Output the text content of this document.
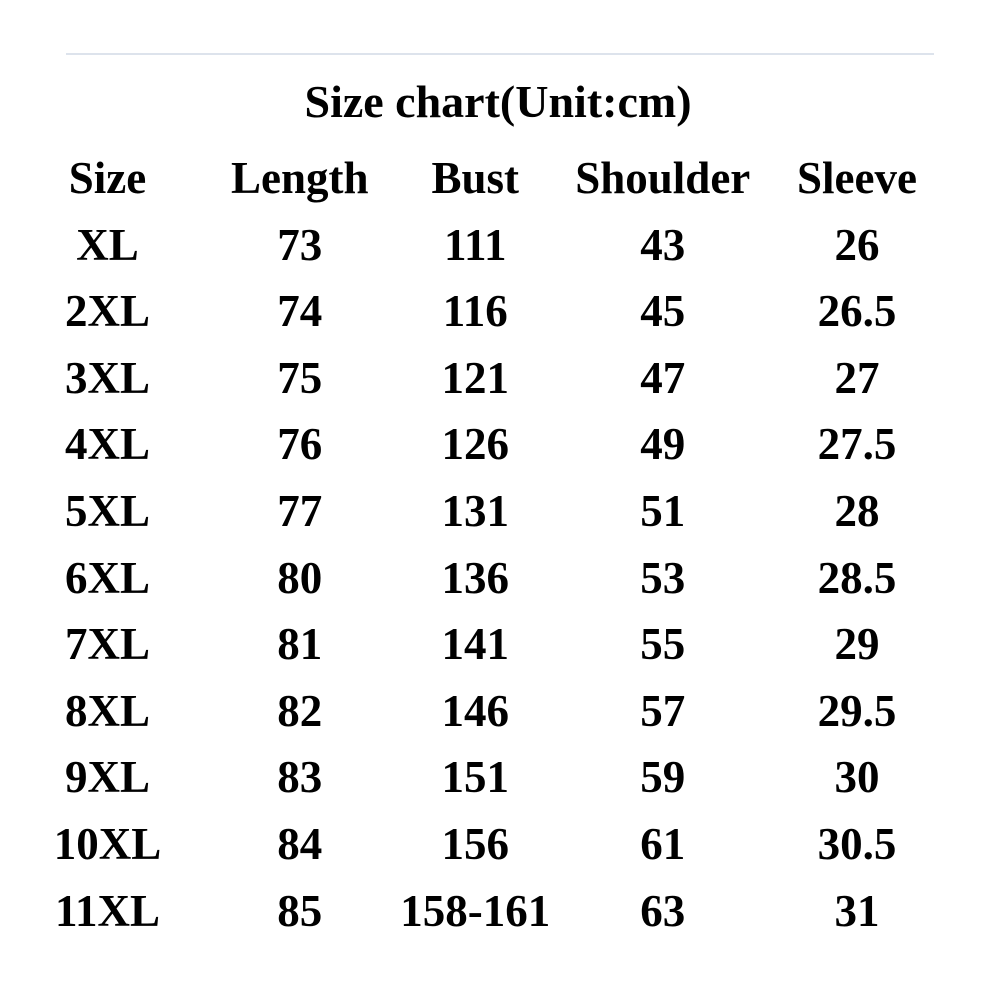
Size chart(Unit:cm)
Size	Length	Bust	Shoulder	Sleeve
XL	73	111	43	26
2XL	74	116	45	26.5
3XL	75	121	47	27
4XL	76	126	49	27.5
5XL	77	131	51	28
6XL	80	136	53	28.5
7XL	81	141	55	29
8XL	82	146	57	29.5
9XL	83	151	59	30
10XL	84	156	61	30.5
11XL	85	158-161	63	31
